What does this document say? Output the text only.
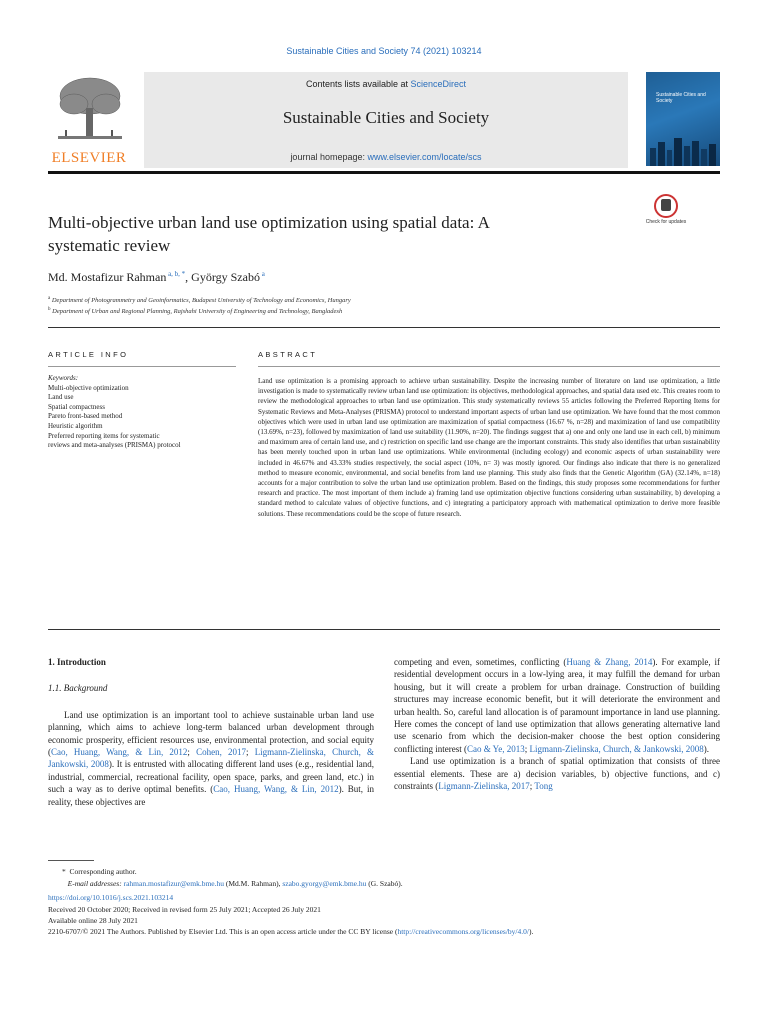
Sustainable Cities and Society 74 (2021) 103214
ELSEVIER
Contents lists available at ScienceDirect
Sustainable Cities and Society
journal homepage: www.elsevier.com/locate/scs
Sustainable Cities and Society
Multi-objective urban land use optimization using spatial data: A
systematic review
Check for updates
Md. Mostafizur Rahman $^{a, b, *}$, György Szabó $^a$
$^a$ Department of Photogrammetry and Geoinformatics, Budapest University of Technology and Economics, Hungary
$^b$ Department of Urban and Regional Planning, Rajshahi University of Engineering and Technology, Bangladesh
ARTICLE INFO	ABSTRACT
Keywords:
Multi-objective optimization
Land use
Spatial compactness
Pareto front-based method
Heuristic algorithm
Preferred reporting items for systematic
reviews and meta-analyses (PRISMA) protocol
Land use optimization is a promising approach to achieve urban sustainability. Despite the increasing number of literature on land use optimization, a little investigation is made to systematically review urban land use optimization: its objectives, methodological approaches, and spatial data used etc. This creates room to review the methodological approaches to urban land use optimization. This study systematically reviews 55 articles following the Preferred Reporting Items for Systematic Reviews and Meta-Analyses (PRISMA) protocol to understand important aspects of urban land use optimization. We have found that the most common objectives which were used in urban land use optimization are maximization of spatial compactness (16.67 %, n=28) and maximization of land use compatibility (13.69%, n=23), followed by maximization of land use suitability (11.90%, n=20). The findings suggest that a) one and only one land use in each cell, b) minimum and maximum area of certain land use, and c) restriction on specific land use change are the important constraints. This study also identifies that urban sustainability has been merely touched upon in urban land use optimizations. While environmental (including ecology) and economic aspects of urban sustainability were included in 46.67% and 43.33% studies respectively, the social aspect (10%, n= 3) was mostly ignored. Our findings also indicate that there is no generalized method to measure economic, environmental, and social benefits from land use planning. This study also finds that the Genetic Algorithm (GA) (32.14%, n=18) accounts for a major contribution to solve the urban land use optimization problem. Based on the findings, this study proposes some recommendations for further research and practice. The most important of them include a) framing land use optimization objective functions considering urban sustainability, b) developing a standard method to calculate values of objective functions, and c) integrating a participatory approach with mathematical optimization to derive more feasible solutions. These recommendations could be the scope of future research.
1. Introduction
1.1. Background

Land use optimization is an important tool to achieve sustainable urban land use planning, which aims to achieve long-term balanced urban development through economic prosperity, efficient resources use, environmental protection, and social equity (Cao, Huang, Wang, & Lin, 2012; Cohen, 2017; Ligmann-Zielinska, Church, & Jankowski, 2008). It is entrusted with allocating different land uses (e.g., residential land, industrial, commercial, recreational facility, open space, parks, and green land, etc.) in such a way as to derive optimal benefits. (Cao, Huang, Wang, & Lin, 2012). But, in reality, these objectives are

competing and even, sometimes, conflicting (Huang & Zhang, 2014). For example, if residential development occurs in a low-lying area, it may fulfill the demand for urban housing, but it will create a problem for urban drainage. Construction of building structures may increase economic benefit, but it will deteriorate the environment and urban health. So, careful land allocation is of paramount importance in land use planning. Here comes the concept of land use optimization that allows generating alternative land use scenario from which the decision-maker choose the best option considering conflicting interest (Cao & Ye, 2013; Ligmann-Zielinska, Church, & Jankowski, 2008).

Land use optimization is a branch of spatial optimization that consists of three essential elements. These are a) decision variables, b) objective functions, and c) constraints (Ligmann-Zielinska, 2017; Tong

* Corresponding author.
E-mail addresses: rahman.mostafizur@emk.bme.hu (Md.M. Rahman), szabo.gyorgy@emk.bme.hu (G. Szabó).
https://doi.org/10.1016/j.scs.2021.103214
Received 20 October 2020; Received in revised form 25 July 2021; Accepted 26 July 2021
Available online 28 July 2021
2210-6707/© 2021 The Authors. Published by Elsevier Ltd. This is an open access article under the CC BY license (http://creativecommons.org/licenses/by/4.0/).
